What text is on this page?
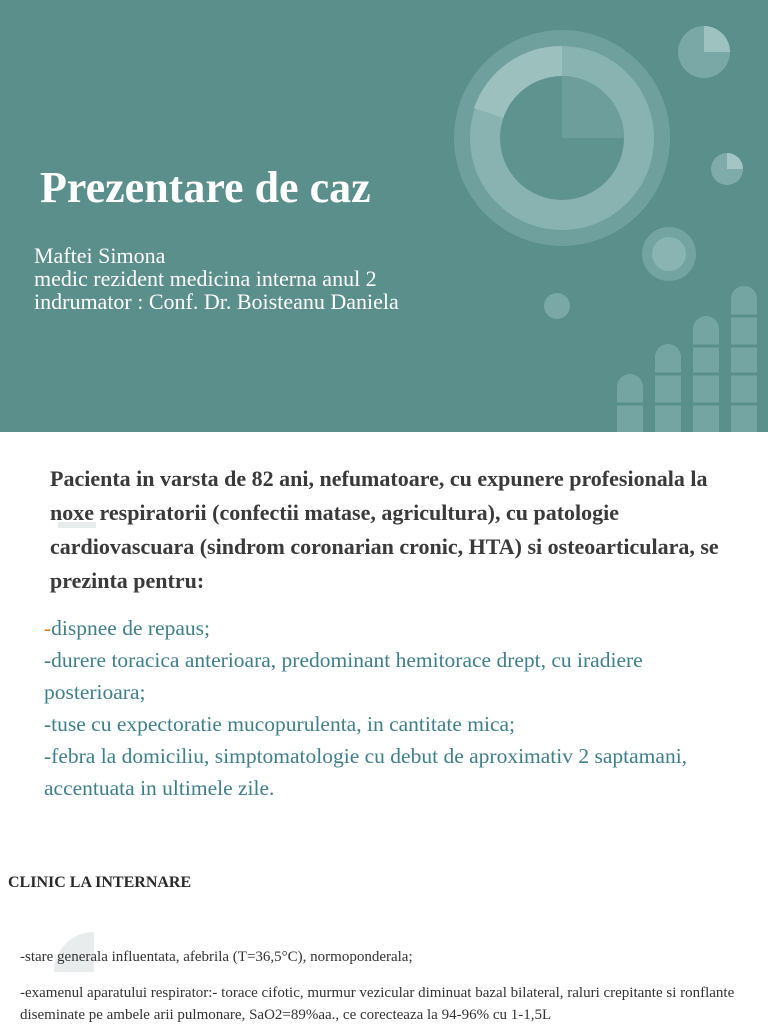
Prezentare de caz
Maftei Simona
medic rezident medicina interna anul 2
indrumator : Conf. Dr. Boisteanu Daniela

Pacienta in varsta de 82 ani, nefumatoare, cu expunere profesionala la noxe respiratorii (confectii matase, agricultura), cu patologie cardiovascuara (sindrom coronarian cronic, HTA) si osteoarticulara, se prezinta pentru:

-dispnee de repaus;

-durere toracica anterioara, predominant hemitorace drept, cu iradiere posterioara;

-tuse cu expectoratie mucopurulenta, in cantitate mica;

-febra la domiciliu, simptomatologie cu debut de aproximativ 2 saptamani, accentuata in ultimele zile.

CLINIC LA INTERNARE

-stare generala influentata, afebrila (T=36,5°C), normoponderala;

-examenul aparatului respirator:- torace cifotic, murmur vezicular diminuat bazal bilateral, raluri crepitante si ronflante diseminate pe ambele arii pulmonare, SaO2=89%aa., ce corecteaza la 94-96% cu 1-1,5L
